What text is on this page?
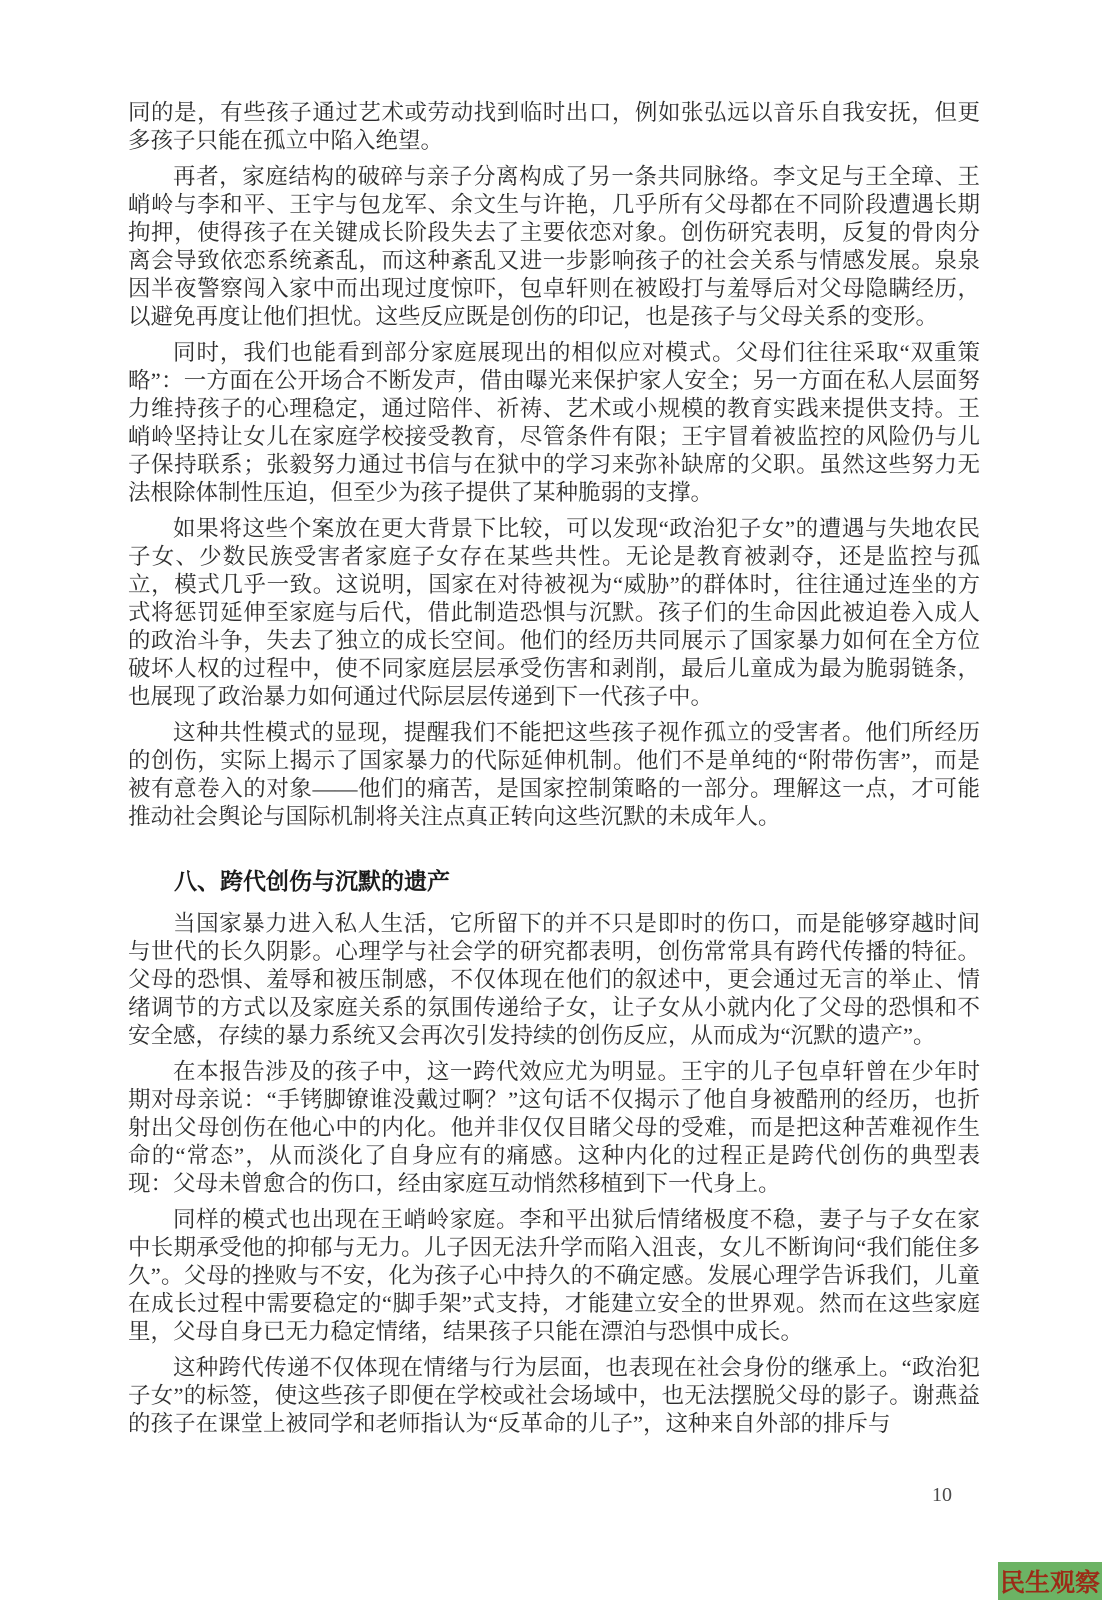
同的是，有些孩子通过艺术或劳动找到临时出口，例如张弘远以音乐自我安抚，但更多孩子只能在孤立中陷入绝望。

再者，家庭结构的破碎与亲子分离构成了另一条共同脉络。李文足与王全璋、王峭岭与李和平、王宇与包龙军、余文生与许艳，几乎所有父母都在不同阶段遭遇长期拘押，使得孩子在关键成长阶段失去了主要依恋对象。创伤研究表明，反复的骨肉分离会导致依恋系统紊乱，而这种紊乱又进一步影响孩子的社会关系与情感发展。泉泉因半夜警察闯入家中而出现过度惊吓，包卓轩则在被殴打与羞辱后对父母隐瞒经历，以避免再度让他们担忧。这些反应既是创伤的印记，也是孩子与父母关系的变形。

同时，我们也能看到部分家庭展现出的相似应对模式。父母们往往采取“双重策略”：一方面在公开场合不断发声，借由曝光来保护家人安全；另一方面在私人层面努力维持孩子的心理稳定，通过陪伴、祈祷、艺术或小规模的教育实践来提供支持。王峭岭坚持让女儿在家庭学校接受教育，尽管条件有限；王宇冒着被监控的风险仍与儿子保持联系；张毅努力通过书信与在狱中的学习来弥补缺席的父职。虽然这些努力无法根除体制性压迫，但至少为孩子提供了某种脆弱的支撑。

如果将这些个案放在更大背景下比较，可以发现“政治犯子女”的遭遇与失地农民子女、少数民族受害者家庭子女存在某些共性。无论是教育被剥夺，还是监控与孤立，模式几乎一致。这说明，国家在对待被视为“威胁”的群体时，往往通过连坐的方式将惩罚延伸至家庭与后代，借此制造恐惧与沉默。孩子们的生命因此被迫卷入成人的政治斗争，失去了独立的成长空间。他们的经历共同展示了国家暴力如何在全方位破坏人权的过程中，使不同家庭层层承受伤害和剥削，最后儿童成为最为脆弱链条，也展现了政治暴力如何通过代际层层传递到下一代孩子中。

这种共性模式的显现，提醒我们不能把这些孩子视作孤立的受害者。他们所经历的创伤，实际上揭示了国家暴力的代际延伸机制。他们不是单纯的“附带伤害”，而是被有意卷入的对象——他们的痛苦，是国家控制策略的一部分。理解这一点，才可能推动社会舆论与国际机制将关注点真正转向这些沉默的未成年人。

八、跨代创伤与沉默的遗产

当国家暴力进入私人生活，它所留下的并不只是即时的伤口，而是能够穿越时间与世代的长久阴影。心理学与社会学的研究都表明，创伤常常具有跨代传播的特征。父母的恐惧、羞辱和被压制感，不仅体现在他们的叙述中，更会通过无言的举止、情绪调节的方式以及家庭关系的氛围传递给子女，让子女从小就内化了父母的恐惧和不安全感，存续的暴力系统又会再次引发持续的创伤反应，从而成为“沉默的遗产”。

在本报告涉及的孩子中，这一跨代效应尤为明显。王宇的儿子包卓轩曾在少年时期对母亲说：“手铐脚镣谁没戴过啊？”这句话不仅揭示了他自身被酷刑的经历，也折射出父母创伤在他心中的内化。他并非仅仅目睹父母的受难，而是把这种苦难视作生命的“常态”，从而淡化了自身应有的痛感。这种内化的过程正是跨代创伤的典型表现：父母未曾愈合的伤口，经由家庭互动悄然移植到下一代身上。

同样的模式也出现在王峭岭家庭。李和平出狱后情绪极度不稳，妻子与子女在家中长期承受他的抑郁与无力。儿子因无法升学而陷入沮丧，女儿不断询问“我们能住多久”。父母的挫败与不安，化为孩子心中持久的不确定感。发展心理学告诉我们，儿童在成长过程中需要稳定的“脚手架”式支持，才能建立安全的世界观。然而在这些家庭里，父母自身已无力稳定情绪，结果孩子只能在漂泊与恐惧中成长。

这种跨代传递不仅体现在情绪与行为层面，也表现在社会身份的继承上。“政治犯子女”的标签，使这些孩子即便在学校或社会场域中，也无法摆脱父母的影子。谢燕益的孩子在课堂上被同学和老师指认为“反革命的儿子”，这种来自外部的排斥与

10
民生观察
